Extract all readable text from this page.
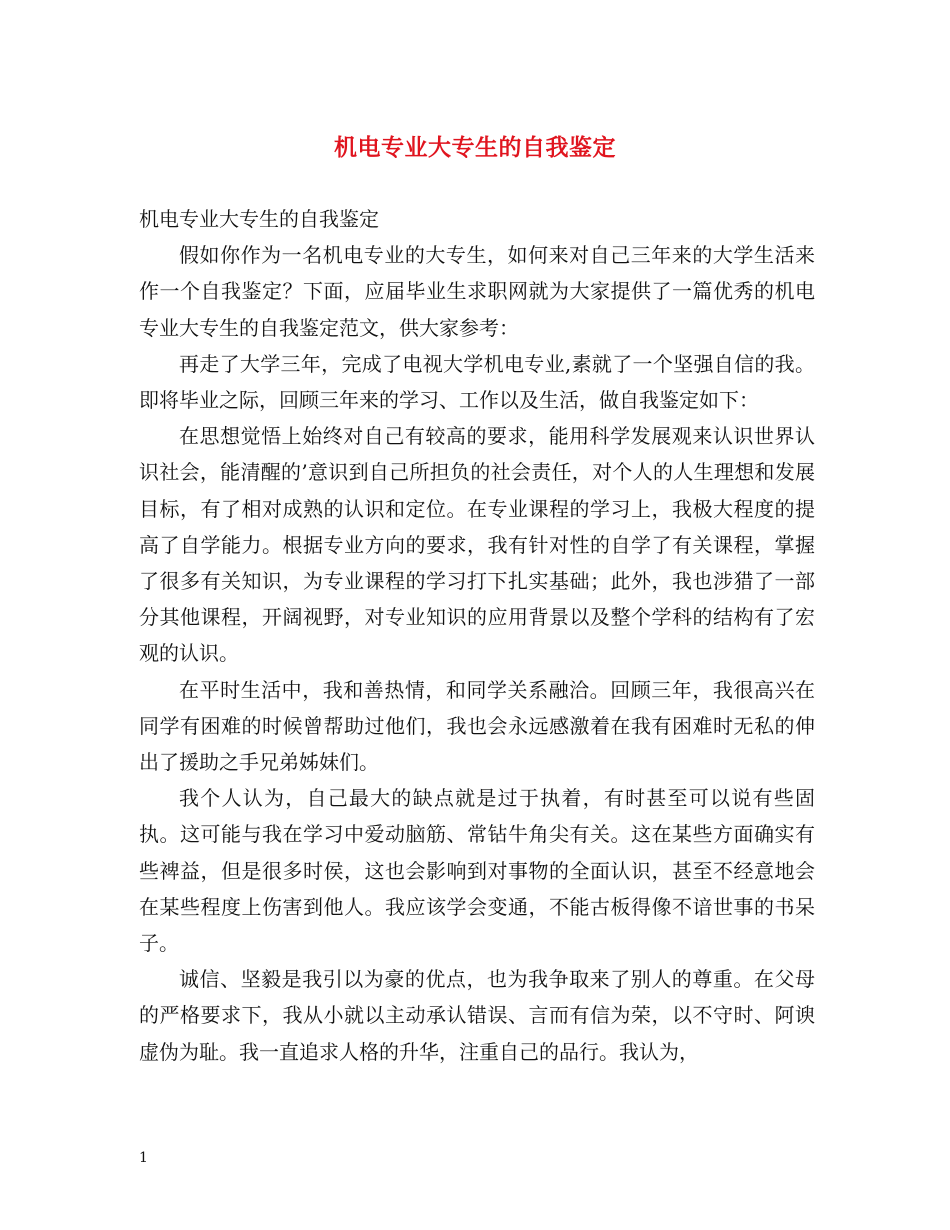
机电专业大专生的自我鉴定

机电专业大专生的自我鉴定

假如你作为一名机电专业的大专生，如何来对自己三年来的大学生活来作一个自我鉴定？下面，应届毕业生求职网就为大家提供了一篇优秀的机电专业大专生的自我鉴定范文，供大家参考：

再走了大学三年，完成了电视大学机电专业,素就了一个坚强自信的我。即将毕业之际，回顾三年来的学习、工作以及生活，做自我鉴定如下：

在思想觉悟上始终对自己有较高的要求，能用科学发展观来认识世界认识社会，能清醒的’意识到自己所担负的社会责任，对个人的人生理想和发展目标，有了相对成熟的认识和定位。在专业课程的学习上，我极大程度的提高了自学能力。根据专业方向的要求，我有针对性的自学了有关课程，掌握了很多有关知识，为专业课程的学习打下扎实基础；此外，我也涉猎了一部分其他课程，开阔视野，对专业知识的应用背景以及整个学科的结构有了宏观的认识。

在平时生活中，我和善热情，和同学关系融洽。回顾三年，我很高兴在同学有困难的时候曾帮助过他们，我也会永远感激着在我有困难时无私的伸出了援助之手兄弟姊妹们。

我个人认为，自己最大的缺点就是过于执着，有时甚至可以说有些固执。这可能与我在学习中爱动脑筋、常钻牛角尖有关。这在某些方面确实有些裨益，但是很多时侯，这也会影响到对事物的全面认识，甚至不经意地会在某些程度上伤害到他人。我应该学会变通，不能古板得像不谙世事的书呆子。

诚信、坚毅是我引以为豪的优点，也为我争取来了别人的尊重。在父母的严格要求下，我从小就以主动承认错误、言而有信为荣，以不守时、阿谀虚伪为耻。我一直追求人格的升华，注重自己的品行。我认为，

1
